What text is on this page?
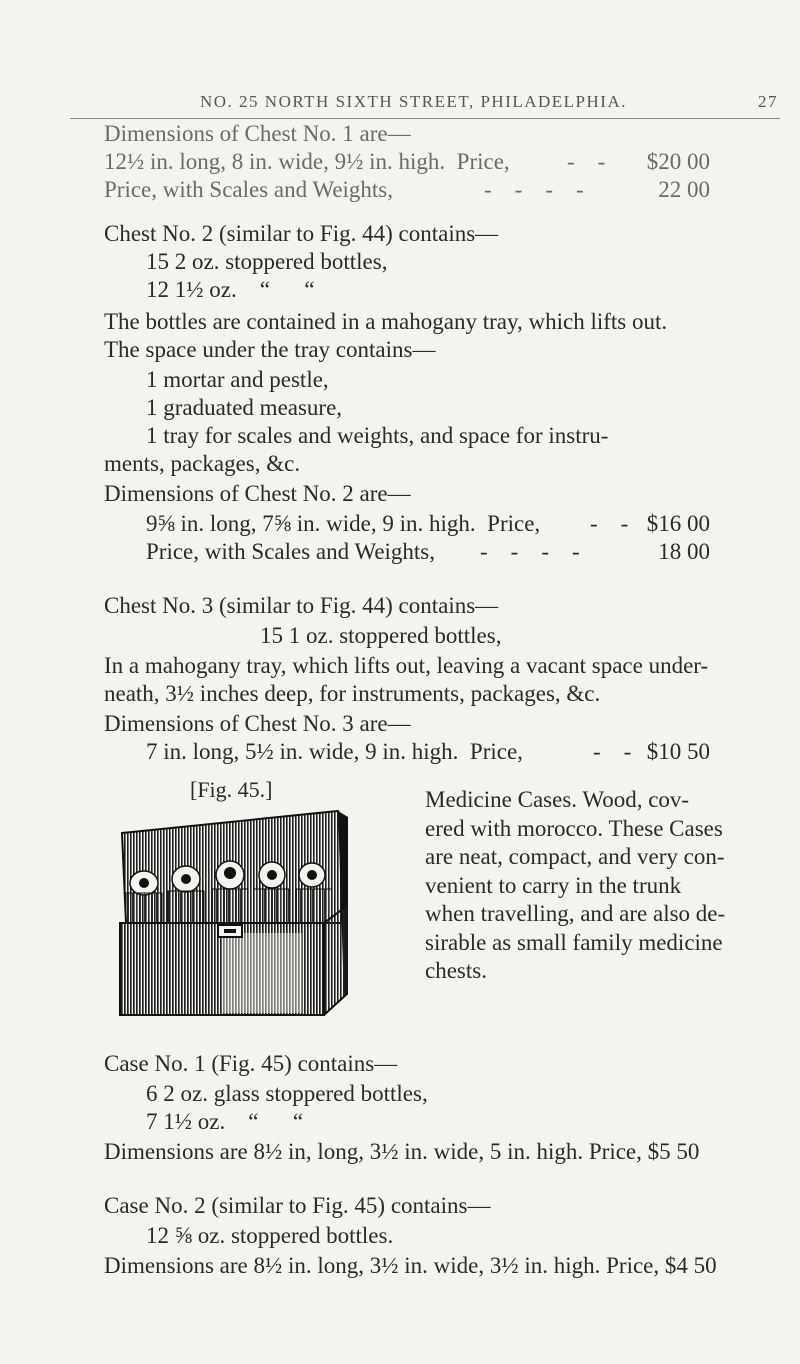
NO. 25 NORTH SIXTH STREET, PHILADELPHIA.	27
Dimensions of Chest No. 1 are—
12½ in. long, 8 in. wide, 9½ in. high.  Price, -    - $20 00
Price, with Scales and Weights,	-    -    -    -	22 00
Chest No. 2 (similar to Fig. 44) contains—
15 2 oz. stoppered bottles,
12 1½ oz.    “      “
The bottles are contained in a mahogany tray, which lifts out.
The space under the tray contains—
1 mortar and pestle,
1 graduated measure,
1 tray for scales and weights, and space for instru-
ments, packages, &c.
Dimensions of Chest No. 2 are—
9⅝ in. long, 7⅝ in. wide, 9 in. high.  Price, -    - $16 00
Price, with Scales and Weights, -    -    -    -	18 00
Chest No. 3 (similar to Fig. 44) contains—
15 1 oz. stoppered bottles,
In a mahogany tray, which lifts out, leaving a vacant space under-
neath, 3½ inches deep, for instruments, packages, &c.
Dimensions of Chest No. 3 are—
7 in. long, 5½ in. wide, 9 in. high.  Price,	-    - $10 50
[Fig. 45.]	Medicine Cases. Wood, cov-
ered with morocco. These Cases
are neat, compact, and very con-
venient to carry in the trunk
when travelling, and are also de-
sirable as small family medicine
chests.
Case No. 1 (Fig. 45) contains—
6 2 oz. glass stoppered bottles,
7 1½ oz.    “      “
Dimensions are 8½ in, long, 3½ in. wide, 5 in. high. Price, $5 50
Case No. 2 (similar to Fig. 45) contains—
12 ⅝ oz. stoppered bottles.
Dimensions are 8½ in. long, 3½ in. wide, 3½ in. high. Price, $4 50
